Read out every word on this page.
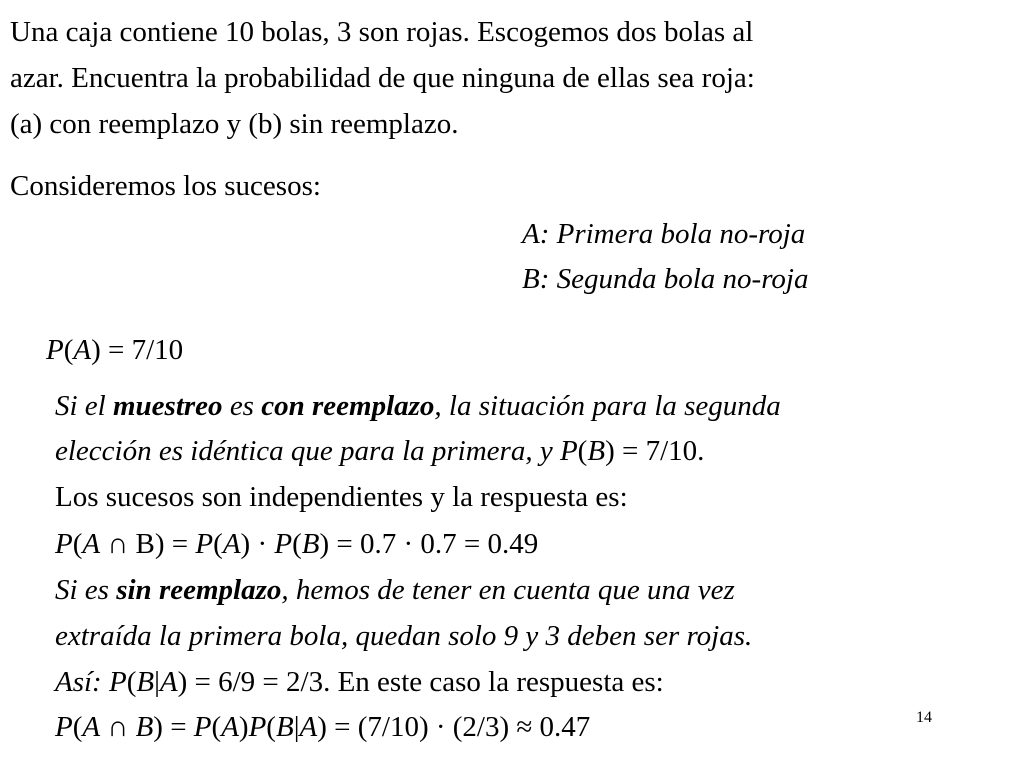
Una caja contiene 10 bolas, 3 son rojas. Escogemos dos bolas al
azar. Encuentra la probabilidad de que ninguna de ellas sea roja:
(a) con reemplazo y (b) sin reemplazo.
Consideremos los sucesos:
A: Primera bola no-roja
B: Segunda bola no-roja
P(A) = 7/10
Si el muestreo es con reemplazo, la situación para la segunda
elección es idéntica que para la primera, y P(B) = 7/10.
Los sucesos son independientes y la respuesta es:
P(A ∩ B) = P(A) · P(B) = 0.7 · 0.7 = 0.49
Si es sin reemplazo, hemos de tener en cuenta que una vez
extraída la primera bola, quedan solo 9 y 3 deben ser rojas.
Así: P(B|A) = 6/9 = 2/3. En este caso la respuesta es:
P(A ∩ B) = P(A)P(B|A) = (7/10) · (2/3) ≈ 0.47	14
